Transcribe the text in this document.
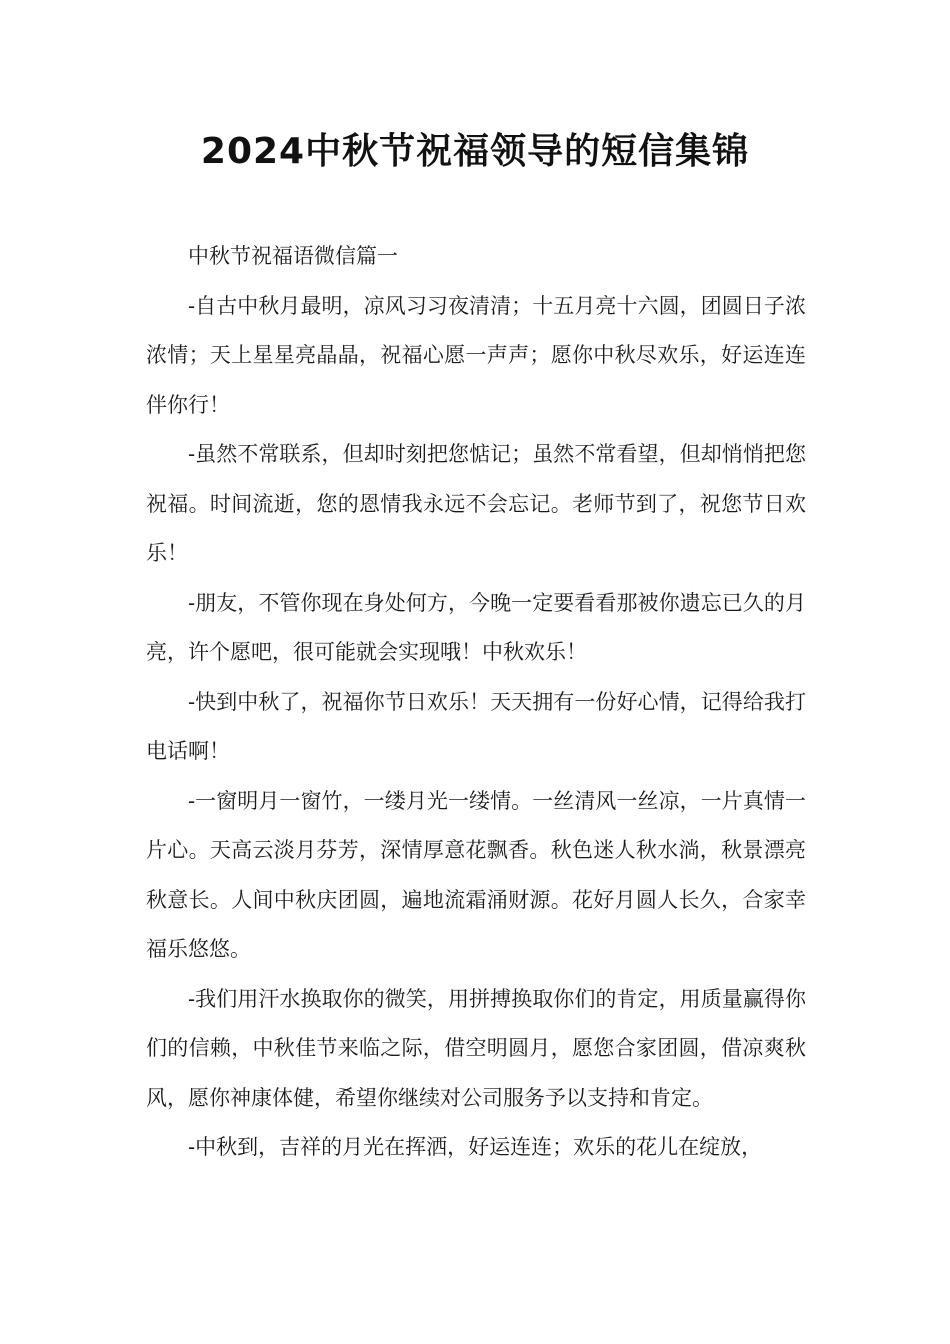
2024中秋节祝福领导的短信集锦

中秋节祝福语微信篇一

-自古中秋月最明，凉风习习夜清清；十五月亮十六圆，团圆日子浓浓情；天上星星亮晶晶，祝福心愿一声声；愿你中秋尽欢乐，好运连连伴你行！

-虽然不常联系，但却时刻把您惦记；虽然不常看望，但却悄悄把您祝福。时间流逝，您的恩情我永远不会忘记。老师节到了，祝您节日欢乐！

-朋友，不管你现在身处何方，今晚一定要看看那被你遗忘已久的月亮，许个愿吧，很可能就会实现哦！中秋欢乐！

-快到中秋了，祝福你节日欢乐！天天拥有一份好心情，记得给我打电话啊！

-一窗明月一窗竹，一缕月光一缕情。一丝清风一丝凉，一片真情一片心。天高云淡月芬芳，深情厚意花飘香。秋色迷人秋水淌，秋景漂亮秋意长。人间中秋庆团圆，遍地流霜涌财源。花好月圆人长久，合家幸福乐悠悠。

-我们用汗水换取你的微笑，用拼搏换取你们的肯定，用质量赢得你们的信赖，中秋佳节来临之际，借空明圆月，愿您合家团圆，借凉爽秋风，愿你神康体健，希望你继续对公司服务予以支持和肯定。

-中秋到，吉祥的月光在挥洒，好运连连；欢乐的花儿在绽放，
